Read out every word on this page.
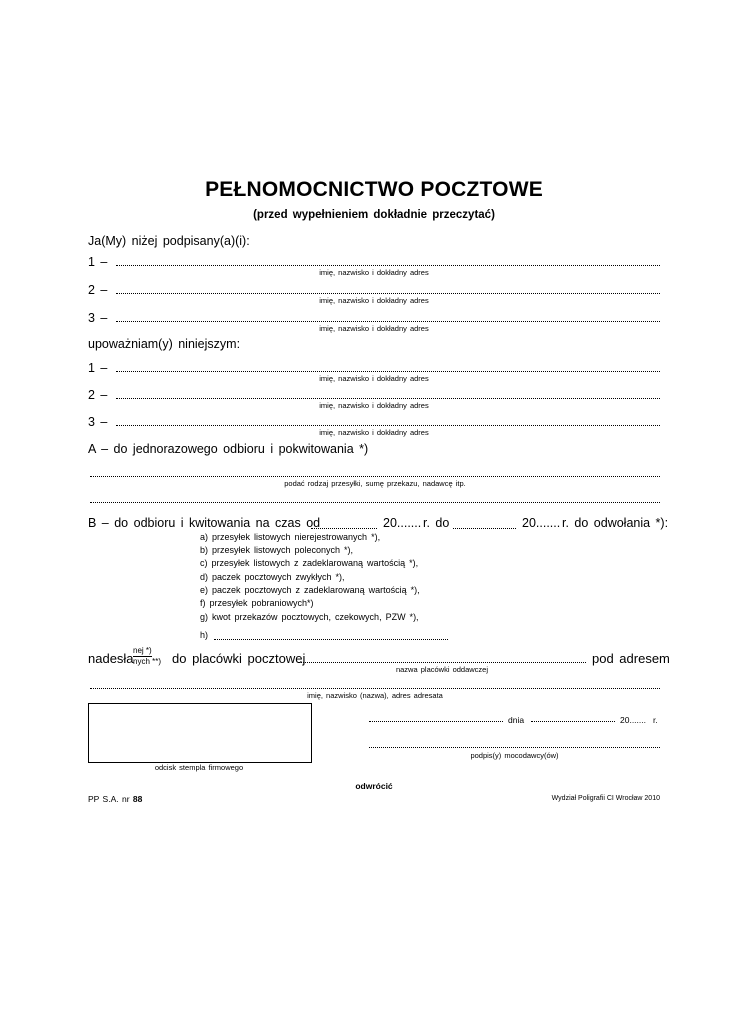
PEŁNOMOCNICTWO POCZTOWE
(przed wypełnieniem dokładnie przeczytać)
Ja(My) niżej podpisany(a)(i):
1 –
imię, nazwisko i dokładny adres
2 –
imię, nazwisko i dokładny adres
3 –
imię, nazwisko i dokładny adres
upoważniam(y) niniejszym:
1 –
imię, nazwisko i dokładny adres
2 –
imię, nazwisko i dokładny adres
3 –
imię, nazwisko i dokładny adres
A – do jednorazowego odbioru i pokwitowania *)
podać rodzaj przesyłki, sumę przekazu, nadawcę itp.
B – do odbioru i kwitowania na czas od	20....... r. do	20....... r. do odwołania *):
a) przesyłek listowych nierejestrowanych *),
b) przesyłek listowych poleconych *),
c) przesyłek listowych z zadeklarowaną wartością *),
d) paczek pocztowych zwykłych *),
e) paczek pocztowych z zadeklarowaną wartością *),
f) przesyłek pobraniowych*)
g) kwot przekazów pocztowych, czekowych, PZW *),
h)
nadesła
nej *)
nych **) do placówki pocztowej
nazwa placówki oddawczej
pod adresem
imię, nazwisko (nazwa), adres adresata
odcisk stempla firmowego
dnia	20....... r.
podpis(y) mocodawcy(ów)
odwrócić
PP S.A. nr 88	Wydział Poligrafii CI Wrocław 2010
